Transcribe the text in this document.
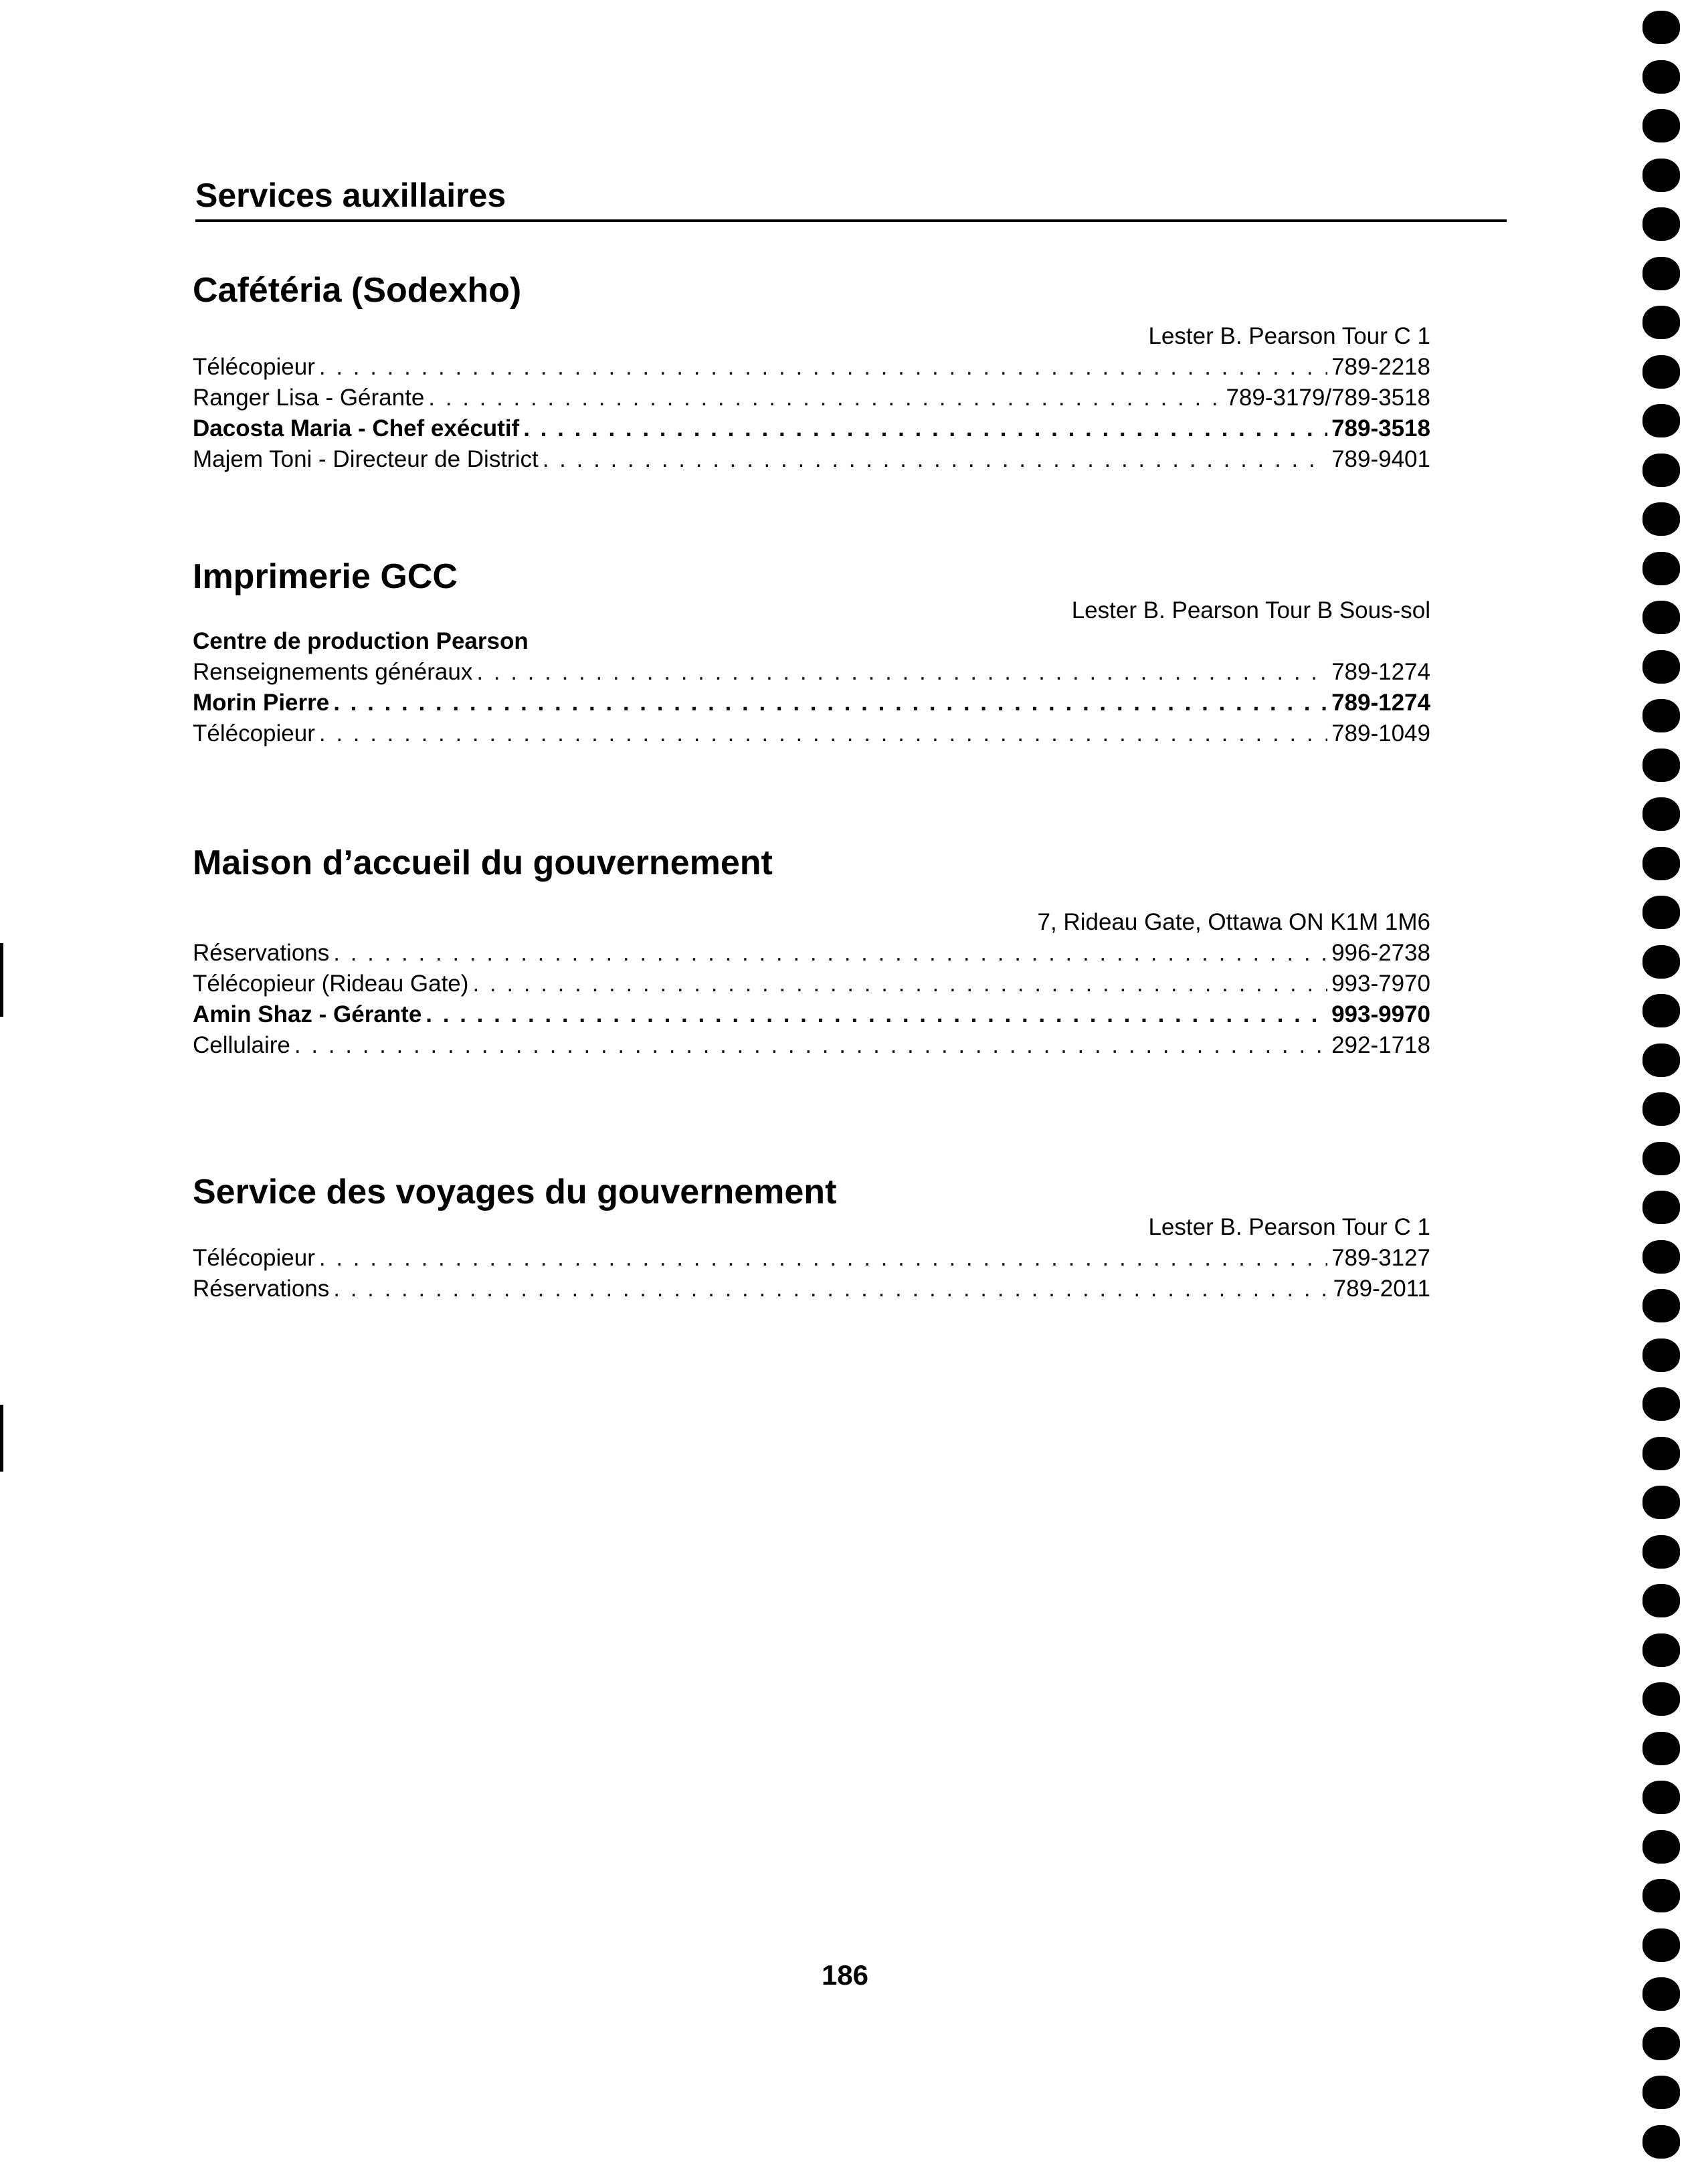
Services auxillaires
Cafétéria (Sodexho)
Lester B. Pearson Tour C 1
Télécopieur . . .	789-2218
Ranger Lisa - Gérante . . .	789-3179/789-3518
Dacosta Maria - Chef exécutif . . .	789-3518
Majem Toni - Directeur de District . . .	789-9401
Imprimerie GCC
Lester B. Pearson Tour B Sous-sol
Centre de production Pearson
Renseignements généraux . . .	789-1274
Morin Pierre . . .	789-1274
Télécopieur . . .	789-1049
Maison d’accueil du gouvernement
7, Rideau Gate, Ottawa ON K1M 1M6
Réservations . . .	996-2738
Télécopieur (Rideau Gate) . . .	993-7970
Amin Shaz - Gérante . . .	993-9970
Cellulaire . . .	292-1718
Service des voyages du gouvernement
Lester B. Pearson Tour C 1
Télécopieur . . .	789-3127
Réservations . . .	789-2011
186
